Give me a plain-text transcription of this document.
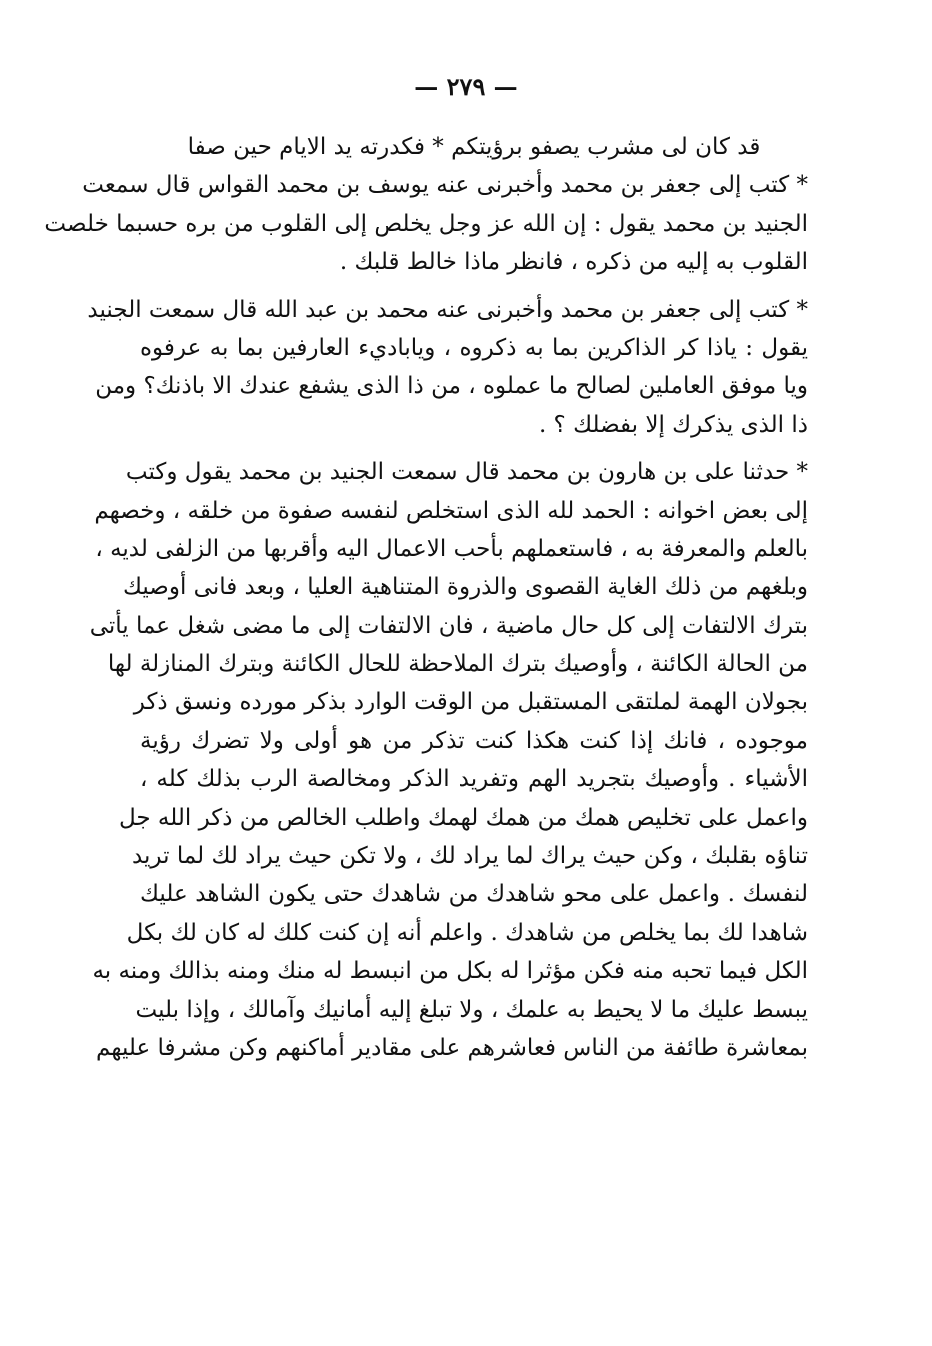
— ٢٧٩ —
قد كان لى مشرب يصفو برؤيتكم * فكدرته يد الايام حين صفا
* كتب إلى جعفر بن محمد وأخبرنى عنه يوسف بن محمد القواس قال سمعت
الجنيد بن محمد يقول : إن الله عز وجل يخلص إلى القلوب من بره حسبما خلصت
القلوب به إليه من ذكره ، فانظر ماذا خالط قلبك .
* كتب إلى جعفر بن محمد وأخبرنى عنه محمد بن عبد الله قال سمعت الجنيد
يقول : ياذا كر الذاكرين بما به ذكروه ، وياباديء العارفين بما به عرفوه
ويا موفق العاملين لصالح ما عملوه ، من ذا الذى يشفع عندك الا باذنك؟ ومن
ذا الذى يذكرك إلا بفضلك ؟ .
* حدثنا على بن هارون بن محمد قال سمعت الجنيد بن محمد يقول وكتب
إلى بعض اخوانه : الحمد لله الذى استخلص لنفسه صفوة من خلقه ، وخصهم
بالعلم والمعرفة به ، فاستعملهم بأحب الاعمال اليه وأقربها من الزلفى لديه ،
وبلغهم من ذلك الغاية القصوى والذروة المتناهية العليا ، وبعد فانى أوصيك
بترك الالتفات إلى كل حال ماضية ، فان الالتفات إلى ما مضى شغل عما يأتى
من الحالة الكائنة ، وأوصيك بترك الملاحظة للحال الكائنة وبترك المنازلة لها
بجولان الهمة لملتقى المستقبل من الوقت الوارد بذكر مورده ونسق ذكر
موجوده ، فانك إذا كنت هكذا كنت تذكر من هو أولى ولا تضرك رؤية
الأشياء . وأوصيك بتجريد الهم وتفريد الذكر ومخالصة الرب بذلك كله ،
واعمل على تخليص همك من همك لهمك واطلب الخالص من ذكر الله جل
تناؤه بقلبك ، وكن حيث يراك لما يراد لك ، ولا تكن حيث يراد لك لما تريد
لنفسك . واعمل على محو شاهدك من شاهدك حتى يكون الشاهد عليك
شاهدا لك بما يخلص من شاهدك . واعلم أنه إن كنت كلك له كان لك بكل
الكل فيما تحبه منه فكن مؤثرا له بكل من انبسط له منك ومنه بذالك ومنه به
يبسط عليك ما لا يحيط به علمك ، ولا تبلغ إليه أمانيك وآمالك ، وإذا بليت
بمعاشرة طائفة من الناس فعاشرهم على مقادير أماكنهم وكن مشرفا عليهم
